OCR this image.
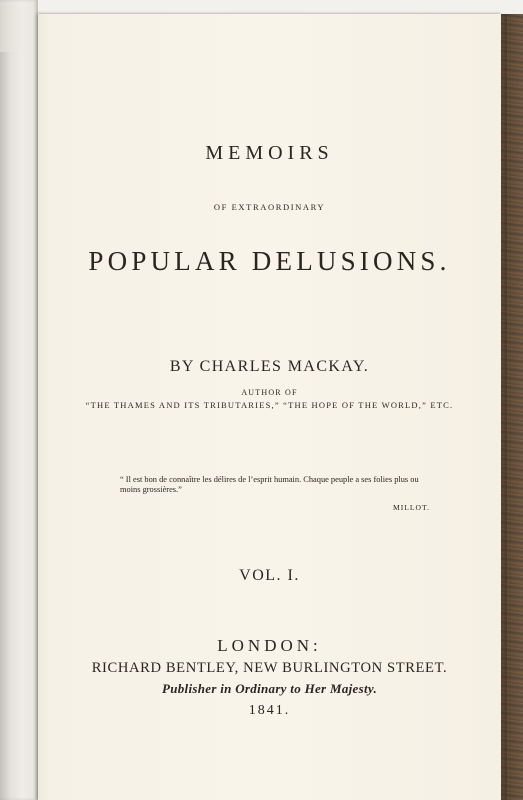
MEMOIRS
OF EXTRAORDINARY
POPULAR DELUSIONS.
BY CHARLES MACKAY.
AUTHOR OF
“THE THAMES AND ITS TRIBUTARIES,” “THE HOPE OF THE WORLD,” ETC.
“ Il est bon de connaître les délires de l’esprit humain. Chaque peuple a ses folies plus ou moins grossières.”
MILLOT.
VOL. I.
LONDON:
RICHARD BENTLEY, NEW BURLINGTON STREET.
Publisher in Ordinary to Her Majesty.
1841.
